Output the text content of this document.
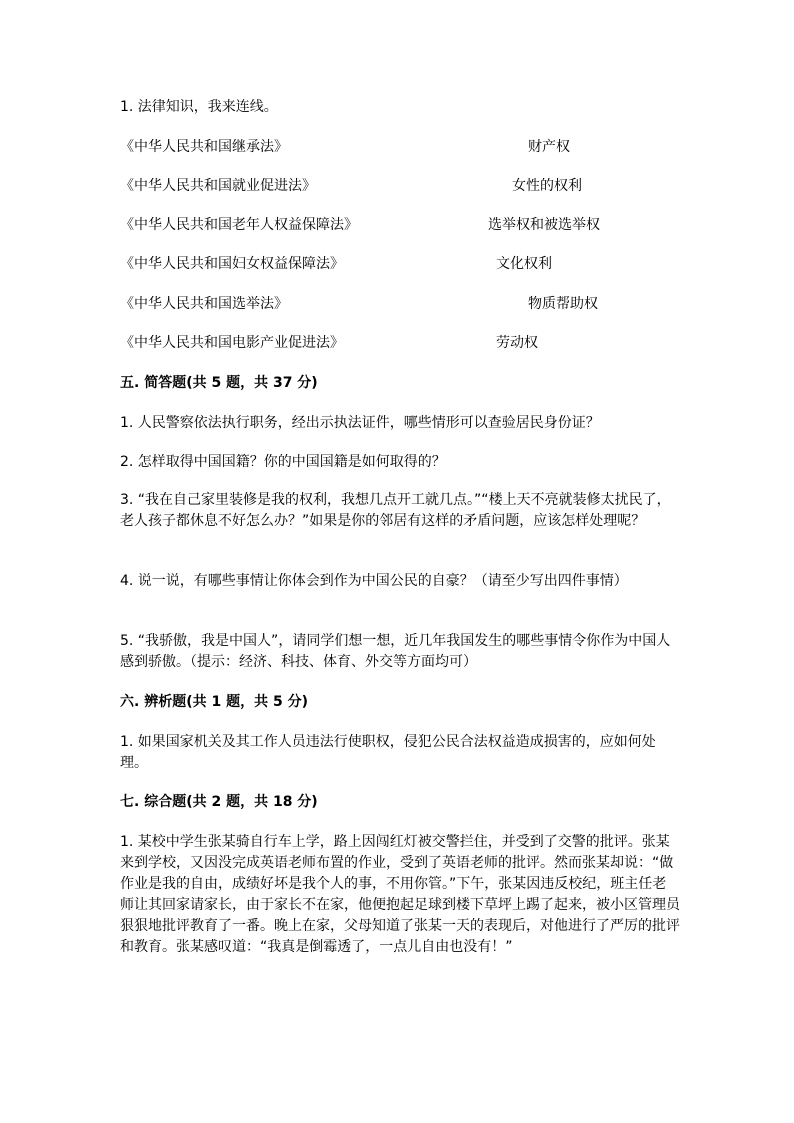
1. 法律知识，我来连线。
《中华人民共和国继承法》	财产权
《中华人民共和国就业促进法》	女性的权利
《中华人民共和国老年人权益保障法》	选举权和被选举权
《中华人民共和国妇女权益保障法》	文化权利
《中华人民共和国选举法》	物质帮助权
《中华人民共和国电影产业促进法》	劳动权
五. 简答题(共 5 题，共 37 分)
1. 人民警察依法执行职务，经出示执法证件，哪些情形可以查验居民身份证？
2. 怎样取得中国国籍？你的中国国籍是如何取得的？
3. “我在自己家里装修是我的权利，我想几点开工就几点。”“楼上天不亮就装修太扰民了，老人孩子都休息不好怎么办？”如果是你的邻居有这样的矛盾问题，应该怎样处理呢？
4. 说一说，有哪些事情让你体会到作为中国公民的自豪？（请至少写出四件事情）
5. “我骄傲，我是中国人”，请同学们想一想，近几年我国发生的哪些事情令你作为中国人感到骄傲。（提示：经济、科技、体育、外交等方面均可）
六. 辨析题(共 1 题，共 5 分)
1. 如果国家机关及其工作人员违法行使职权，侵犯公民合法权益造成损害的，应如何处理。
七. 综合题(共 2 题，共 18 分)
1. 某校中学生张某骑自行车上学，路上因闯红灯被交警拦住，并受到了交警的批评。张某来到学校，又因没完成英语老师布置的作业，受到了英语老师的批评。然而张某却说：“做作业是我的自由，成绩好坏是我个人的事，不用你管。”下午，张某因违反校纪，班主任老师让其回家请家长，由于家长不在家，他便抱起足球到楼下草坪上踢了起来，被小区管理员狠狠地批评教育了一番。晚上在家，父母知道了张某一天的表现后，对他进行了严厉的批评和教育。张某感叹道：“我真是倒霉透了，一点儿自由也没有！”
